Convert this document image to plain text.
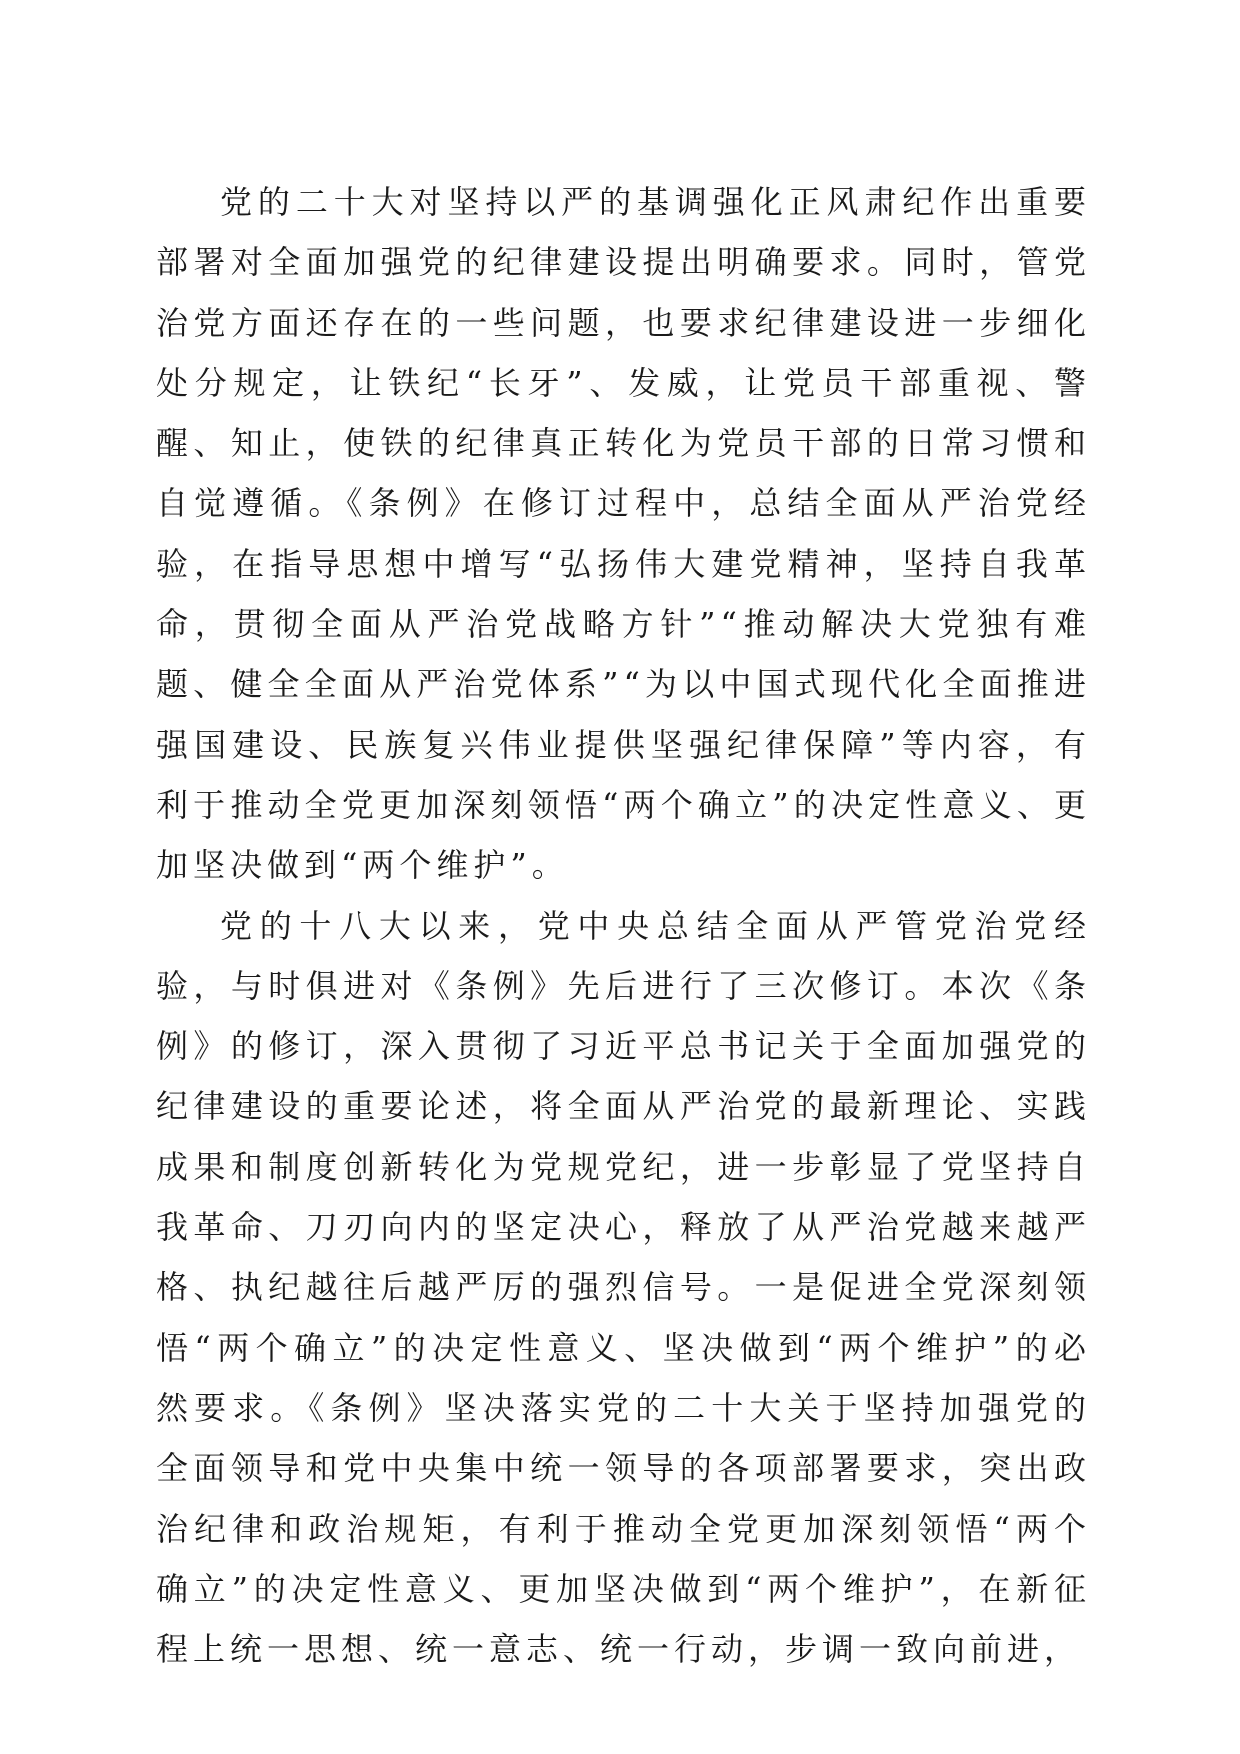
党的二十大对坚持以严的基调强化正风肃纪作出重要部署对全面加强党的纪律建设提出明确要求。同时，管党治党方面还存在的一些问题，也要求纪律建设进一步细化处分规定，让铁纪“长牙”、发威，让党员干部重视、警醒、知止，使铁的纪律真正转化为党员干部的日常习惯和自觉遵循。《条例》在修订过程中，总结全面从严治党经验，在指导思想中增写“弘扬伟大建党精神，坚持自我革命，贯彻全面从严治党战略方针”“推动解决大党独有难题、健全全面从严治党体系”“为以中国式现代化全面推进强国建设、民族复兴伟业提供坚强纪律保障”等内容，有利于推动全党更加深刻领悟“两个确立”的决定性意义、更加坚决做到“两个维护”。

党的十八大以来，党中央总结全面从严管党治党经验，与时俱进对《条例》先后进行了三次修订。本次《条例》的修订，深入贯彻了习近平总书记关于全面加强党的纪律建设的重要论述，将全面从严治党的最新理论、实践成果和制度创新转化为党规党纪，进一步彰显了党坚持自我革命、刀刃向内的坚定决心，释放了从严治党越来越严格、执纪越往后越严厉的强烈信号。一是促进全党深刻领悟“两个确立”的决定性意义、坚决做到“两个维护”的必然要求。《条例》坚决落实党的二十大关于坚持加强党的全面领导和党中央集中统一领导的各项部署要求，突出政治纪律和政治规矩，有利于推动全党更加深刻领悟“两个确立”的决定性意义、更加坚决做到“两个维护”，在新征程上统一思想、统一意志、统一行动，步调一致向前进，
